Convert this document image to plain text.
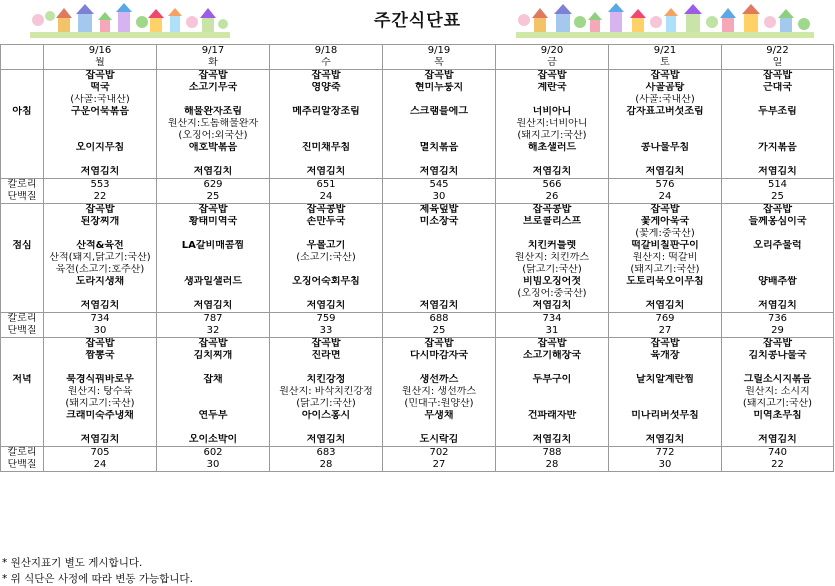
주간식단표
	9/16	9/17	9/18	9/19	9/20	9/21	9/22
	월	화	수	목	금	토	일
	잡곡밥	잡곡밥	잡곡밥	잡곡밥	잡곡밥	잡곡밥	잡곡밥
	떡국	소고기무국	영양죽	현미누룽지	계란국	사골곰탕	근대국
	(사골:국내산)					(사골:국내산)	
아침	구운어묵볶음	해물완자조림	메추리알장조림	스크램블에그	너비아니	감자표고버섯조림	두부조림
		원산지:도톰해물완자			원산지:너비아니		
		(오징어:외국산)			(돼지고기:국산)		
	오이지무침	애호박볶음	진미채무침	멸치볶음	해초샐러드	콩나물무침	가지볶음

	저염김치	저염김치	저염김치	저염김치	저염김치	저염김치	저염김치
칼로리	553	629	651	545	566	576	514
단백질	22	25	24	30	26	24	25
	잡곡밥	잡곡밥	잡곡콩밥	제육덮밥	잡곡콩밥	잡곡밥	잡곡밥
	된장찌개	황태미역국	손만두국	미소장국	브로콜리스프	꽃게아욱국	들께옹심이국
						(꽃게:중국산)	
점심	산적&육전	LA갈비매콤찜	우볼고기		치킨커틀렛	떡갈비칠판구이	오리주물럭
	산적(돼지,닭고기:국산)		(소고기:국산)		원산지: 치킨까스	원산지: 떡갈비	
	육전(소고기:호주산)				(닭고기:국산)	(돼지고기:국산)	
	도라지생채	생과일샐러드	오징어숙회무침		비빔오징어젓	도토리묵오이무침	양배추쌈
					(오징어:중국산)		
	저염김치	저염김치	저염김치	저염김치	저염김치	저염김치	저염김치
칼로리	734	787	759	688	734	769	736
단백질	30	32	33	25	31	27	29
	잡곡밥	잡곡밥	잡곡밥	잡곡밥	잡곡밥	잡곡밥	잡곡밥
	짬뽕국	김치찌개	진라면	다시마감자국	소고기해장국	육개장	김치콩나물국

저녁	북경식꿔바로우	잡채	치킨강정	생선까스	두부구이	날치알계란찜	그릴소시지볶음
	원산지: 탕수육		원산지: 바삭치킨강정	원산지: 생선까스			원산지: 소시지
	(돼지고기:국산)		(닭고기:국산)	(민대구:원양산)			(돼지고기:국산)
	크래미숙주냉채	연두부	아이스홍시	무생채	건파래자반	미나리버섯무침	미역초무침

	저염김치	오이소박이	저염김치	도시락김	저염김치	저염김치	저염김치
칼로리	705	602	683	702	788	772	740
단백질	24	30	28	27	28	30	22
* 원산지표기 별도 게시합니다.
* 위 식단은 사정에 따라 변동 가능합니다.
